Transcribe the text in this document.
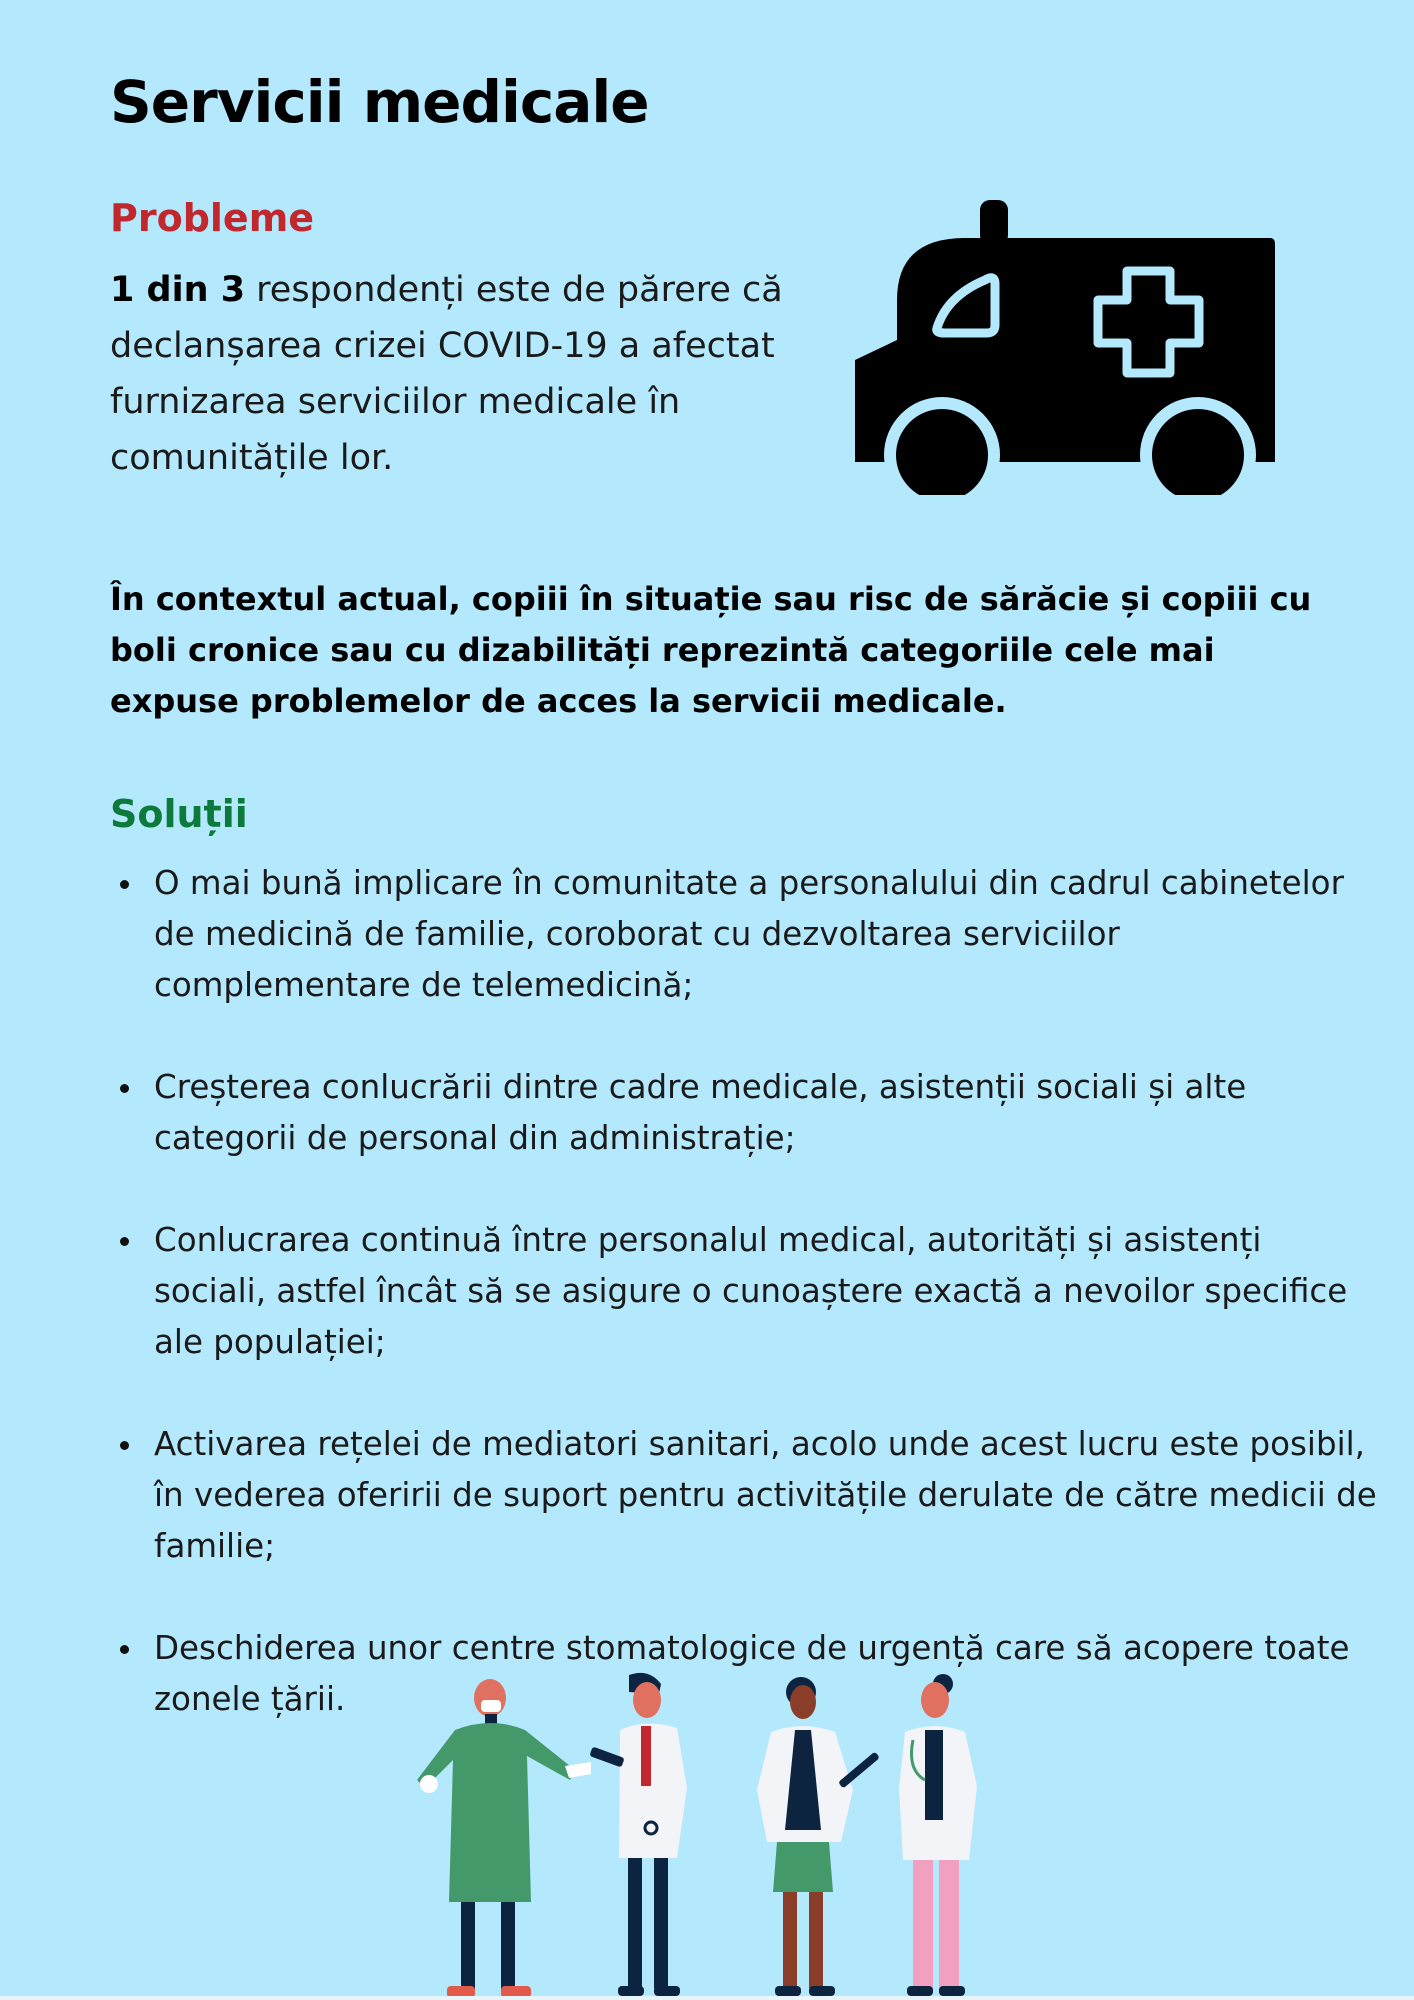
Servicii medicale
Probleme

1 din 3 respondenți este de părere că declanșarea crizei COVID-19 a afectat furnizarea serviciilor medicale în comunitățile lor.

În contextul actual, copiii în situație sau risc de sărăcie și copiii cu boli cronice sau cu dizabilități reprezintă categoriile cele mai expuse problemelor de acces la servicii medicale.

Soluții
O mai bună implicare în comunitate a personalului din cadrul cabinetelor de medicină de familie, coroborat cu dezvoltarea serviciilor complementare de telemedicină;
Creșterea conlucrării dintre cadre medicale, asistenții sociali și alte categorii de personal din administrație;
Conlucrarea continuă între personalul medical, autorități și asistenți sociali, astfel încât să se asigure o cunoaștere exactă a nevoilor specifice ale populației;
Activarea rețelei de mediatori sanitari, acolo unde acest lucru este posibil, în vederea oferirii de suport pentru activitățile derulate de către medicii de familie;
Deschiderea unor centre stomatologice de urgență care să acopere toate zonele țării.
